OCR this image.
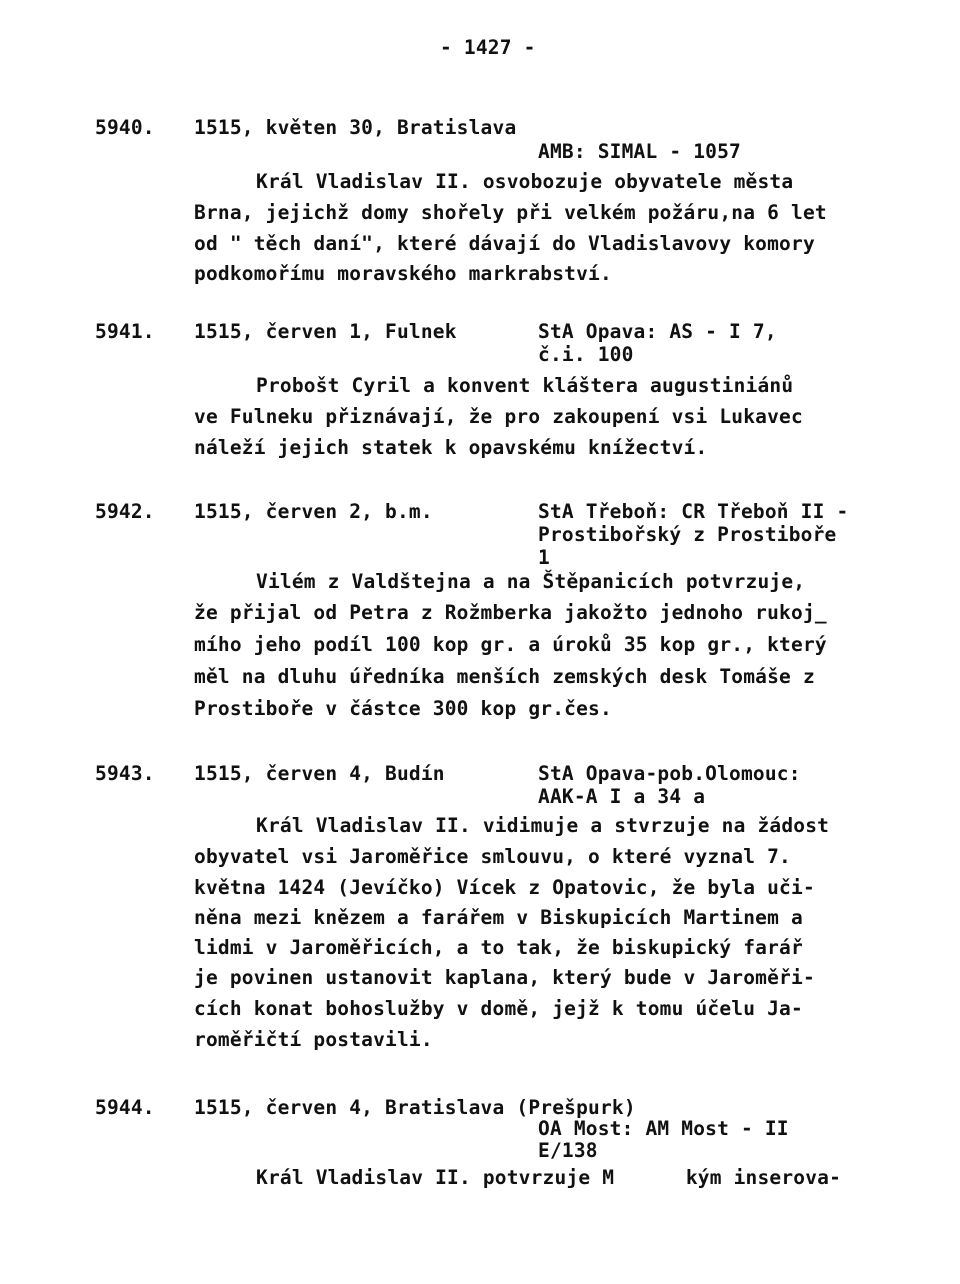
- 1427 -
5940. 1515, květen 30, Bratislava
AMB: SIMAL - 1057
Král Vladislav II. osvobozuje obyvatele města
Brna, jejichž domy shořely při velkém požáru,na 6 let
od " těch daní", které dávají do Vladislavovy komory
podkomořímu moravského markrabství.
5941. 1515, červen 1, Fulnek	StA Opava: AS - I 7,
č.i. 100
Probošt Cyril a konvent kláštera augustiniánů
ve Fulneku přiznávají, že pro zakoupení vsi Lukavec
náleží jejich statek k opavskému knížectví.
5942. 1515, červen 2, b.m.	StA Třeboň: CR Třeboň II -
Prostibořský z Prostiboře
1
Vilém z Valdštejna a na Štěpanicích potvrzuje,
že přijal od Petra z Rožmberka jakožto jednoho rukoj_
mího jeho podíl 100 kop gr. a úroků 35 kop gr., který
měl na dluhu úředníka menších zemských desk Tomáše z
Prostiboře v částce 300 kop gr.čes.
5943. 1515, červen 4, Budín	StA Opava-pob.Olomouc:
AAK-A I a 34 a
Král Vladislav II. vidimuje a stvrzuje na žádost
obyvatel vsi Jaroměřice smlouvu, o které vyznal 7.
května 1424 (Jevíčko) Vícek z Opatovic, že byla uči-
něna mezi knězem a farářem v Biskupicích Martinem a
lidmi v Jaroměřicích, a to tak, že biskupický farář
je povinen ustanovit kaplana, který bude v Jaroměři-
cích konat bohoslužby v domě, jejž k tomu účelu Ja-
roměřičtí postavili.
5944. 1515, červen 4, Bratislava (Prešpurk)
OA Most: AM Most - II
E/138
Král Vladislav II. potvrzuje M      kým inserova-
